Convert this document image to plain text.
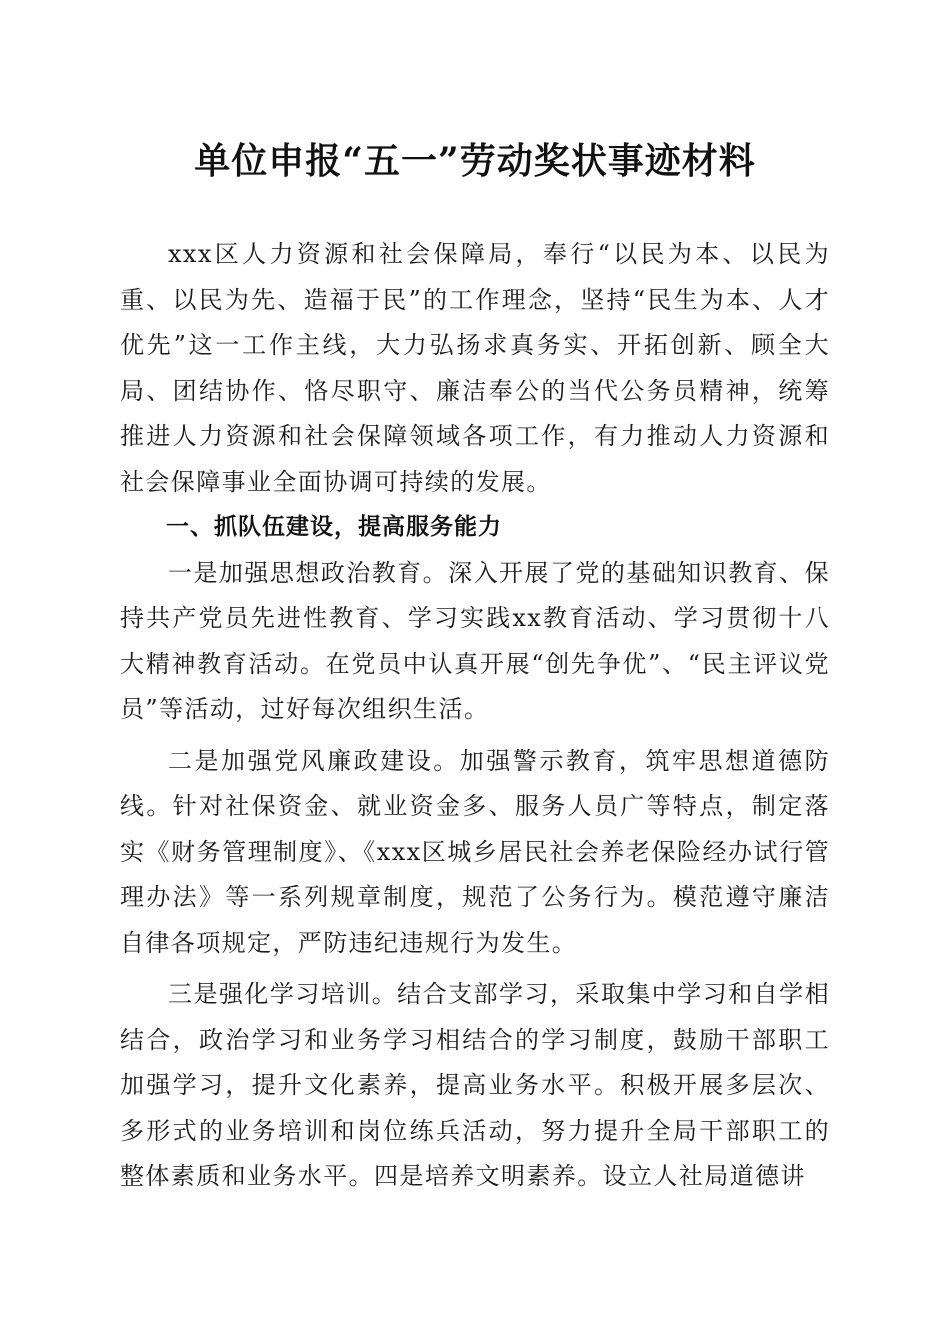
单位申报“五一”劳动奖状事迹材料

xxx区人力资源和社会保障局，奉行“以民为本、以民为重、以民为先、造福于民”的工作理念，坚持“民生为本、人才优先”这一工作主线，大力弘扬求真务实、开拓创新、顾全大局、团结协作、恪尽职守、廉洁奉公的当代公务员精神，统筹推进人力资源和社会保障领域各项工作，有力推动人力资源和社会保障事业全面协调可持续的发展。

一、抓队伍建设，提高服务能力

一是加强思想政治教育。深入开展了党的基础知识教育、保持共产党员先进性教育、学习实践xx教育活动、学习贯彻十八大精神教育活动。在党员中认真开展“创先争优”、“民主评议党员”等活动，过好每次组织生活。

二是加强党风廉政建设。加强警示教育，筑牢思想道德防线。针对社保资金、就业资金多、服务人员广等特点，制定落实《财务管理制度》、《xxx区城乡居民社会养老保险经办试行管理办法》等一系列规章制度，规范了公务行为。模范遵守廉洁自律各项规定，严防违纪违规行为发生。

三是强化学习培训。结合支部学习，采取集中学习和自学相结合，政治学习和业务学习相结合的学习制度，鼓励干部职工加强学习，提升文化素养，提高业务水平。积极开展多层次、多形式的业务培训和岗位练兵活动，努力提升全局干部职工的整体素质和业务水平。四是培养文明素养。设立人社局道德讲
